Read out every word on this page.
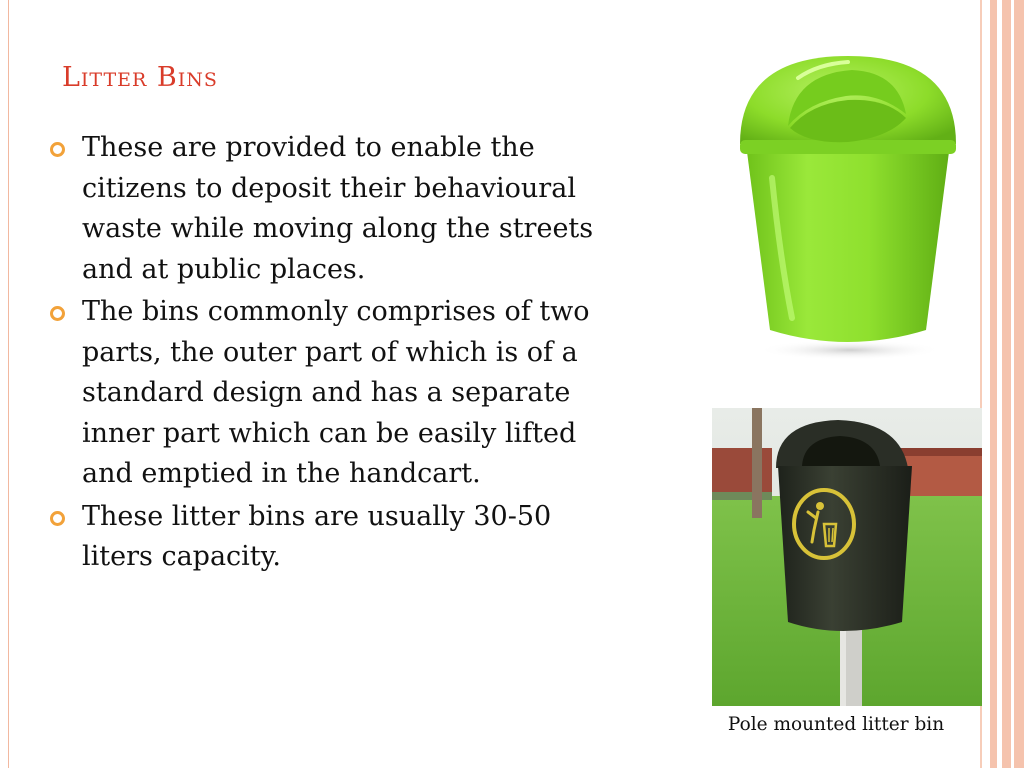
Litter Bins
These are provided to enable the citizens to deposit their behavioural waste while moving along the streets and at public places.
The bins commonly comprises of two parts, the outer part of which is of a standard design and has a separate inner part which can be easily lifted and emptied in the handcart.
These litter bins are usually 30-50 liters capacity.
Pole mounted litter bin
